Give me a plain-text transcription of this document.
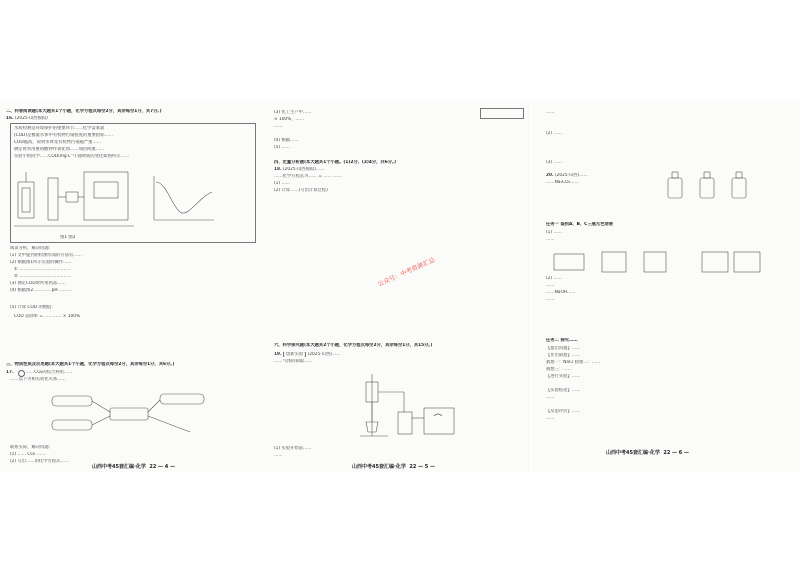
二、科普阅读题(本大题共1个小题，化学方程式每空2分，其余每空1分，共7分。)
16. (2025·山西模拟)
水质检测是环境保护的重要环节……化学需氧量
(COD)是衡量水体中有机物污染程度的重要指标……
COD越高，说明水体受有机物污染越严重……
测定时常用重铬酸钾作氧化剂……加热回流……
实验小组同学……COD(mg·L⁻¹) 随时间的变化如图所示……
图1 图2
阅读分析，解决问题：
(1) 文中提到的检测水质的方法有……
(2) 根据图1所示实验的操作……
① ………………………………
② ………………………………
(3) 测定COD时所用药品……
(4) 根据图2………… pH ………
(5) 计算 COD 的数值：
COD 去除率 = ………… × 100%
三、物质性质及应用题(本大题共1个小题，化学方程式每空2分，其余每空1分，共6分。)
17.	……CO₂的综合利用……
……以下为相关转化关系……
联系实际，解决问题：
(1) …… CO₂ ……
(2) 写出……的化学方程式……
山西中考45套汇编·化学 22 — 4 —
(3) 化工生产中……
× 100%，……
……
(4) 根据……
(5) ……
四、定量分析题(本大题共1个小题。(1)2分，(2)4分，共6分。)
18. (2025·山西模拟)……
……化学方程式为…… = …… ……
(1) ……
(2) 计算……(写出计算过程)
六、科学探究题(本大题共2个小题，化学方程式每空2分，其余每空1分，共15分。)
19. 创新实验 (2025·山西)……
……气体的制取……
(1) 实验开始前……
……
山西中考45套汇编·化学 22 — 5 —
……
(2) ……
(3) ……
20. (2025·山西)……
……Na₂CO₃……
任务一 鉴别A、B、C三瓶无色溶液
(1) ……
……
(2) ……
……
……NaOH……
……
任务二 探究……
【提出问题】……
【作出猜想】……
猜想一：NaCl 猜想二：……
猜想三：……
【进行实验】……
【实验结论】……
……
【反思评价】……
……
山西中考45套汇编·化学 22 — 6 —
公众号：中考资源汇总
